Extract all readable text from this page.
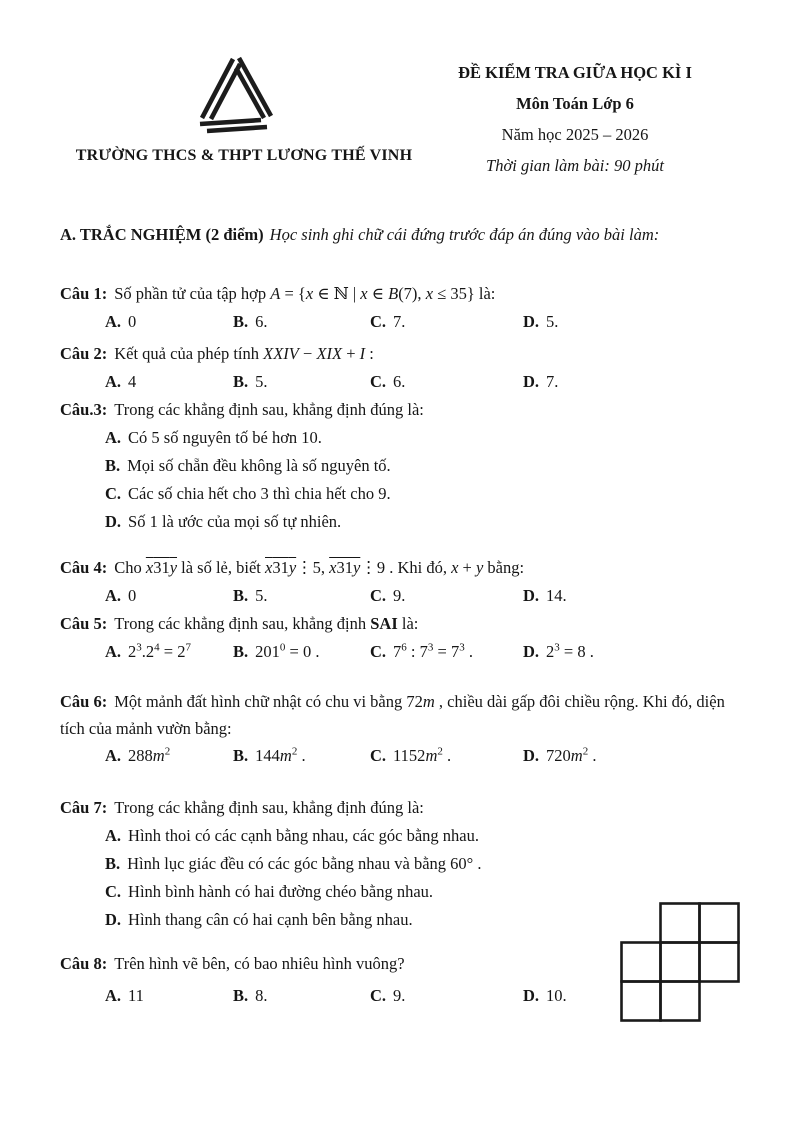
TRƯỜNG THCS & THPT LƯƠNG THẾ VINH
ĐỀ KIỂM TRA GIỮA HỌC KÌ I
Môn Toán Lớp 6
Năm học 2025 – 2026
Thời gian làm bài: 90 phút
A. TRẮC NGHIỆM (2 điểm) Học sinh ghi chữ cái đứng trước đáp án đúng vào bài làm:
Câu 1: Số phần tử của tập hợp A = {x ∈ ℕ | x ∈ B(7), x ≤ 35} là:
A. 0	B. 6.	C. 7.	D. 5.
Câu 2: Kết quả của phép tính XXIV − XIX + I :
A. 4	B. 5.	C. 6.	D. 7.
Câu.3: Trong các khẳng định sau, khẳng định đúng là:
A. Có 5 số nguyên tố bé hơn 10.
B. Mọi số chẵn đều không là số nguyên tố.
C. Các số chia hết cho 3 thì chia hết cho 9.
D. Số 1 là ước của mọi số tự nhiên.
Câu 4: Cho x31y là số lẻ, biết x31y⋮5, x31y⋮9 . Khi đó, x + y bằng:
A. 0	B. 5.	C. 9.	D. 14.
Câu 5: Trong các khẳng định sau, khẳng định SAI là:
A. $2^3.2^4 = 2^7$	B. $201^0 = 0$ .	C. $7^6$ : $7^3 = 7^3$ .	D. $2^3 = 8$ .
Câu 6: Một mảnh đất hình chữ nhật có chu vi bằng 72m , chiều dài gấp đôi chiều rộng. Khi đó, diện tích của mảnh vườn bằng:
A. $288m^2$	B. $144m^2$ .	C. $1152m^2$ .	D. $720m^2$ .
Câu 7: Trong các khẳng định sau, khẳng định đúng là:
A. Hình thoi có các cạnh bằng nhau, các góc bằng nhau.
B. Hình lục giác đều có các góc bằng nhau và bằng 60° .
C. Hình bình hành có hai đường chéo bằng nhau.
D. Hình thang cân có hai cạnh bên bằng nhau.
Câu 8: Trên hình vẽ bên, có bao nhiêu hình vuông?
A. 11	B. 8.	C. 9.	D. 10.
